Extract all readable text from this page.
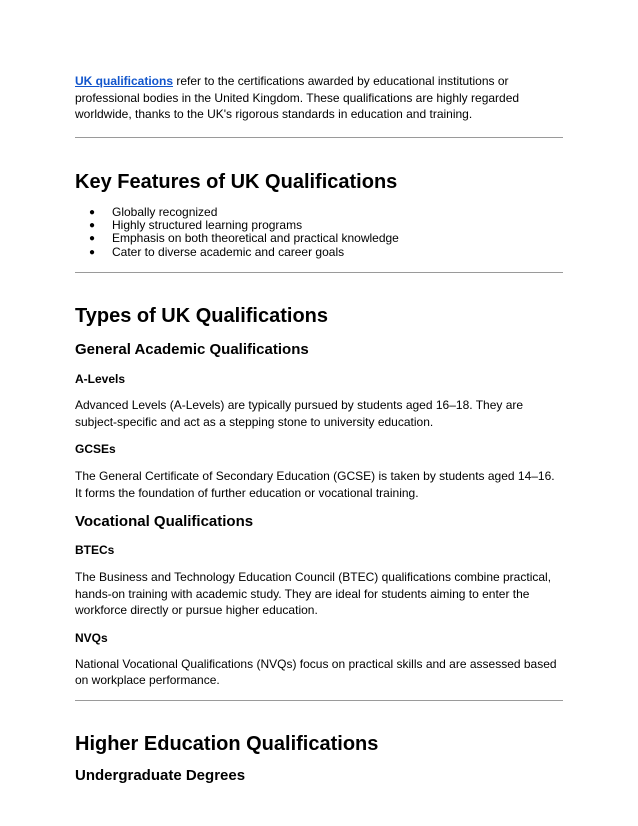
UK qualifications refer to the certifications awarded by educational institutions or professional bodies in the United Kingdom. These qualifications are highly regarded worldwide, thanks to the UK's rigorous standards in education and training.

Key Features of UK Qualifications
● Globally recognized
● Highly structured learning programs
● Emphasis on both theoretical and practical knowledge
● Cater to diverse academic and career goals
Types of UK Qualifications
General Academic Qualifications
A-Levels

Advanced Levels (A-Levels) are typically pursued by students aged 16–18. They are subject-specific and act as a stepping stone to university education.

GCSEs

The General Certificate of Secondary Education (GCSE) is taken by students aged 14–16. It forms the foundation of further education or vocational training.

Vocational Qualifications
BTECs

The Business and Technology Education Council (BTEC) qualifications combine practical, hands-on training with academic study. They are ideal for students aiming to enter the workforce directly or pursue higher education.

NVQs

National Vocational Qualifications (NVQs) focus on practical skills and are assessed based on workplace performance.

Higher Education Qualifications
Undergraduate Degrees
